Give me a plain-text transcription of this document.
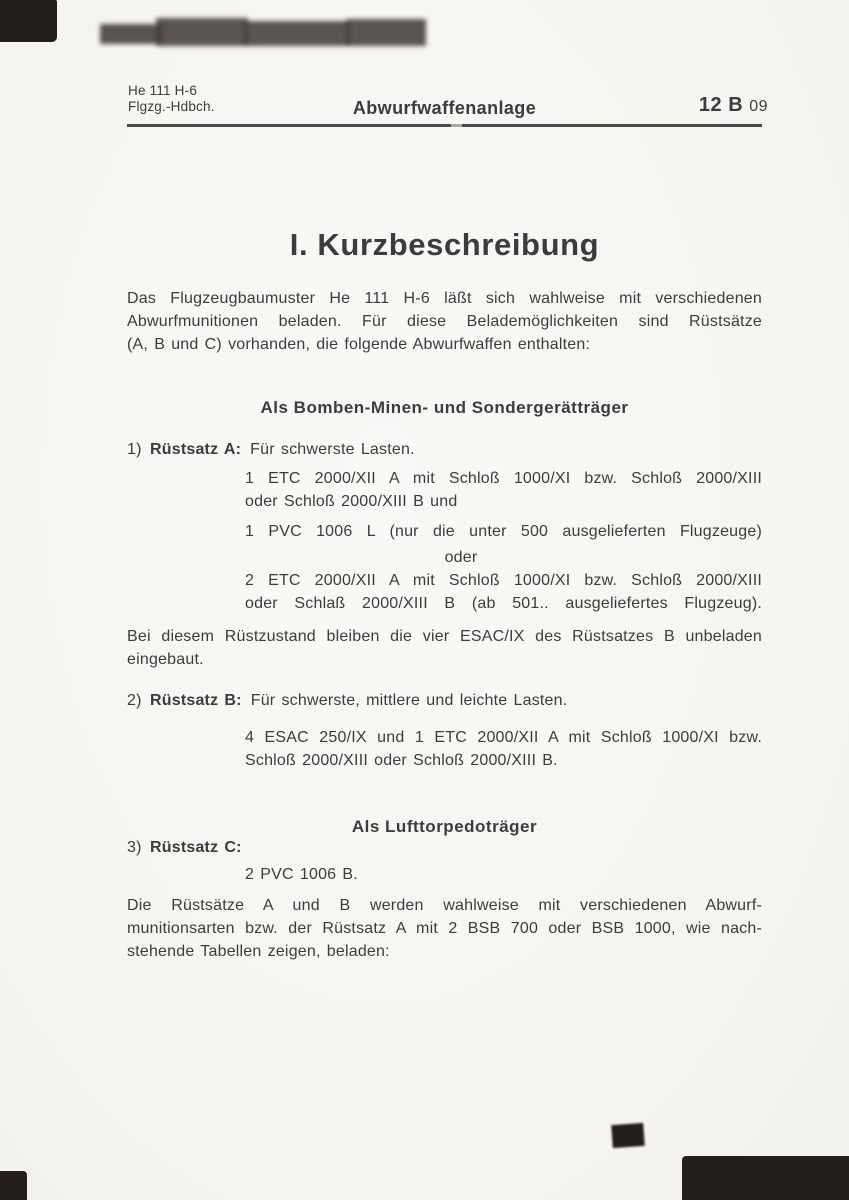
He 111 H-6
Flgzg.-Hdbch.	Abwurfwaffenanlage	12 B 09
I. Kurzbeschreibung
Das Flugzeugbaumuster He 111 H-6 läßt sich wahlweise mit verschiedenen
Abwurfmunitionen beladen. Für diese Belademöglichkeiten sind Rüstsätze
(A, B und C) vorhanden, die folgende Abwurfwaffen enthalten:
Als Bomben-Minen- und Sondergerätträger
1) Rüstsatz A: Für schwerste Lasten.
1 ETC 2000/XII A mit Schloß 1000/XI bzw. Schloß 2000/XIII
oder Schloß 2000/XIII B und
1 PVC 1006 L (nur die unter 500 ausgelieferten Flugzeuge)
oder
2 ETC 2000/XII A mit Schloß 1000/XI bzw. Schloß 2000/XIII
oder Schlaß 2000/XIII B (ab 501.. ausgeliefertes Flugzeug).
Bei diesem Rüstzustand bleiben die vier ESAC/IX des Rüstsatzes B unbeladen
eingebaut.
2) Rüstsatz B: Für schwerste, mittlere und leichte Lasten.
4 ESAC 250/IX und 1 ETC 2000/XII A mit Schloß 1000/XI bzw.
Schloß 2000/XIII oder Schloß 2000/XIII B.
Als Lufttorpedoträger
3) Rüstsatz C:
2 PVC 1006 B.
Die Rüstsätze A und B werden wahlweise mit verschiedenen Abwurf-
munitionsarten bzw. der Rüstsatz A mit 2 BSB 700 oder BSB 1000, wie nach-
stehende Tabellen zeigen, beladen:
